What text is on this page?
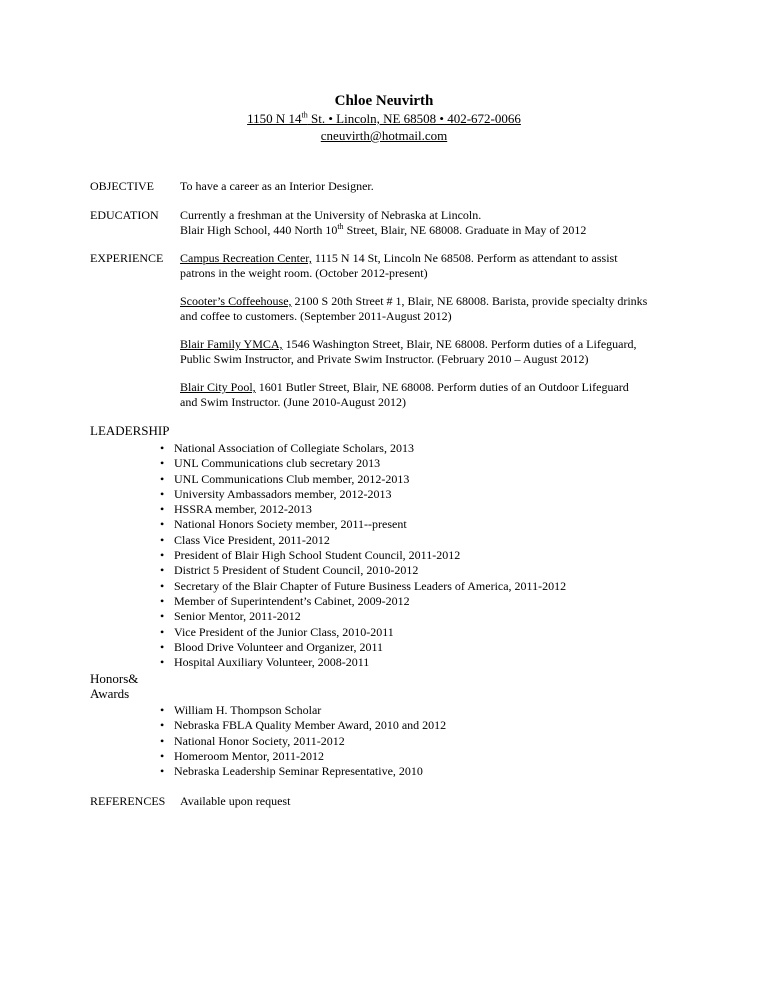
Chloe Neuvirth
1150 N 14th St. • Lincoln, NE 68508 • 402-672-0066
cneuvirth@hotmail.com
OBJECTIVE	To have a career as an Interior Designer.
EDUCATION	Currently a freshman at the University of Nebraska at Lincoln.
Blair High School, 440 North 10th Street, Blair, NE 68008. Graduate in May of 2012
EXPERIENCE	Campus Recreation Center, 1115 N 14 St, Lincoln Ne 68508. Perform as attendant to assist
patrons in the weight room. (October 2012-present)
Scooter’s Coffeehouse, 2100 S 20th Street # 1, Blair, NE 68008. Barista, provide specialty drinks
and coffee to customers. (September 2011-August 2012)
Blair Family YMCA, 1546 Washington Street, Blair, NE 68008. Perform duties of a Lifeguard,
Public Swim Instructor, and Private Swim Instructor. (February 2010 – August 2012)
Blair City Pool, 1601 Butler Street, Blair, NE 68008. Perform duties of an Outdoor Lifeguard
and Swim Instructor. (June 2010-August 2012)
LEADERSHIP
• National Association of Collegiate Scholars, 2013
• UNL Communications club secretary 2013
• UNL Communications Club member, 2012-2013
• University Ambassadors member, 2012-2013
• HSSRA member, 2012-2013
• National Honors Society member, 2011--present
• Class Vice President, 2011-2012
• President of Blair High School Student Council, 2011-2012
• District 5 President of Student Council, 2010-2012
• Secretary of the Blair Chapter of Future Business Leaders of America, 2011-2012
• Member of Superintendent’s Cabinet, 2009-2012
• Senior Mentor, 2011-2012
• Vice President of the Junior Class, 2010-2011
• Blood Drive Volunteer and Organizer, 2011
• Hospital Auxiliary Volunteer, 2008-2011
Honors&
Awards
• William H. Thompson Scholar
• Nebraska FBLA Quality Member Award, 2010 and 2012
• National Honor Society, 2011-2012
• Homeroom Mentor, 2011-2012
• Nebraska Leadership Seminar Representative, 2010
REFERENCES	Available upon request
